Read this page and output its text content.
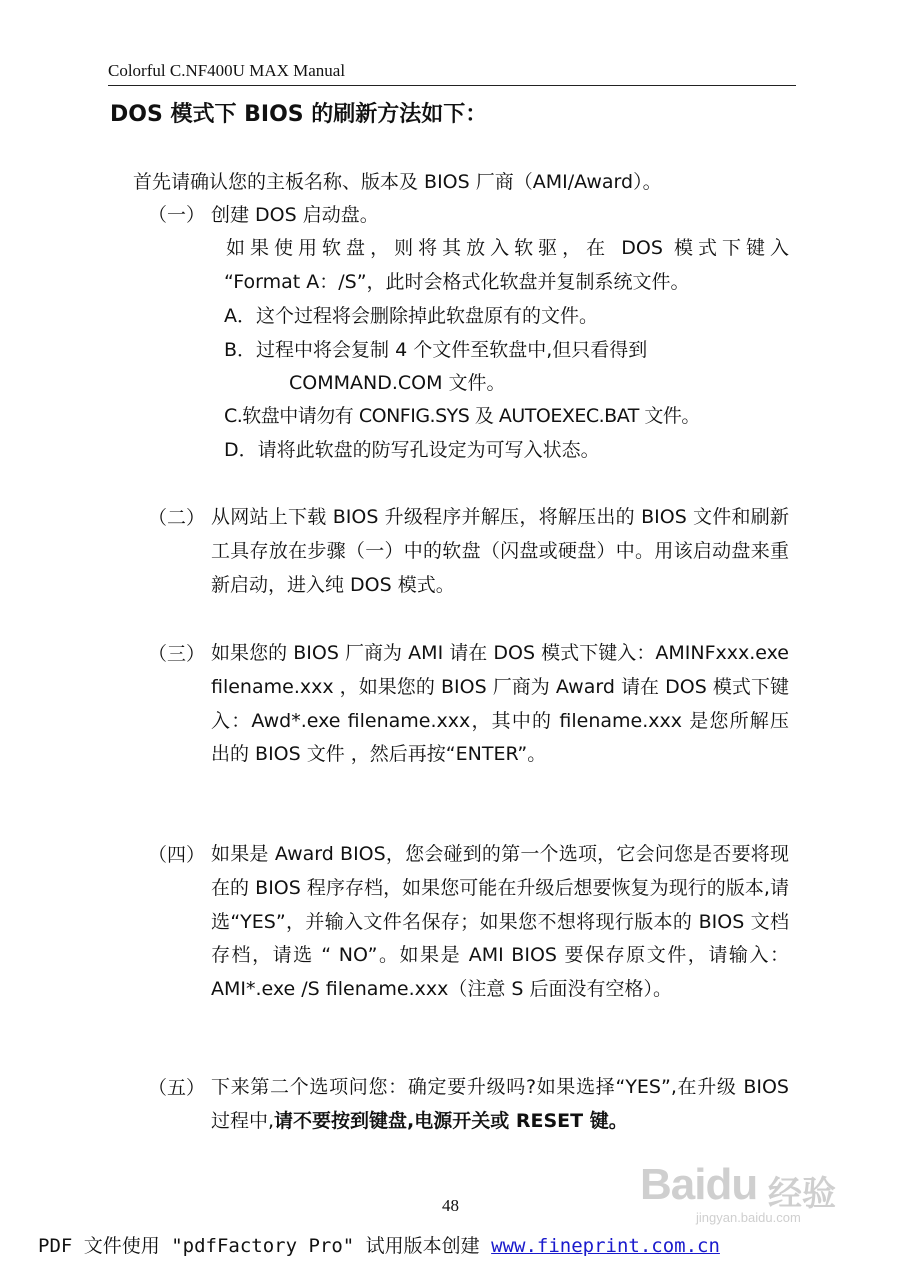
Colorful C.NF400U MAX Manual
DOS 模式下 BIOS 的刷新方法如下：
首先请确认您的主板名称、版本及 BIOS 厂商（AMI/Award）。
（一） 创建 DOS 启动盘。
如果使用软盘，则将其放入软驱，在 DOS 模式下键入
“Format A：/S”，此时会格式化软盘并复制系统文件。
A．这个过程将会删除掉此软盘原有的文件。
B．过程中将会复制 4 个文件至软盘中,但只看得到
COMMAND.COM 文件。
C.软盘中请勿有 CONFIG.SYS 及 AUTOEXEC.BAT 文件。
D．请将此软盘的防写孔设定为可写入状态。
（二） 从网站上下载 BIOS 升级程序并解压，将解压出的 BIOS 文件和刷新工具存放在步骤（一）中的软盘（闪盘或硬盘）中。用该启动盘来重新启动，进入纯 DOS 模式。
（三） 如果您的 BIOS 厂商为 AMI 请在 DOS 模式下键入：AMINFxxx.exe filename.xxx ，如果您的 BIOS 厂商为 Award 请在 DOS 模式下键入：Awd*.exe filename.xxx，其中的 filename.xxx 是您所解压出的 BIOS 文件 ，然后再按“ENTER”。
（四） 如果是 Award BIOS，您会碰到的第一个选项，它会问您是否要将现在的 BIOS 程序存档，如果您可能在升级后想要恢复为现行的版本,请选“YES”，并输入文件名保存；如果您不想将现行版本的 BIOS 文档存档，请选 “ NO”。如果是 AMI BIOS 要保存原文件，请输入：AMI*.exe /S filename.xxx（注意 S 后面没有空格）。
（五） 下来第二个选项问您：确定要升级吗?如果选择“YES”,在升级 BIOS 过程中,请不要按到键盘,电源开关或 RESET 键。
Baidu 经验
jingyan.baidu.com
48
PDF 文件使用 "pdfFactory Pro" 试用版本创建 www.fineprint.com.cn
